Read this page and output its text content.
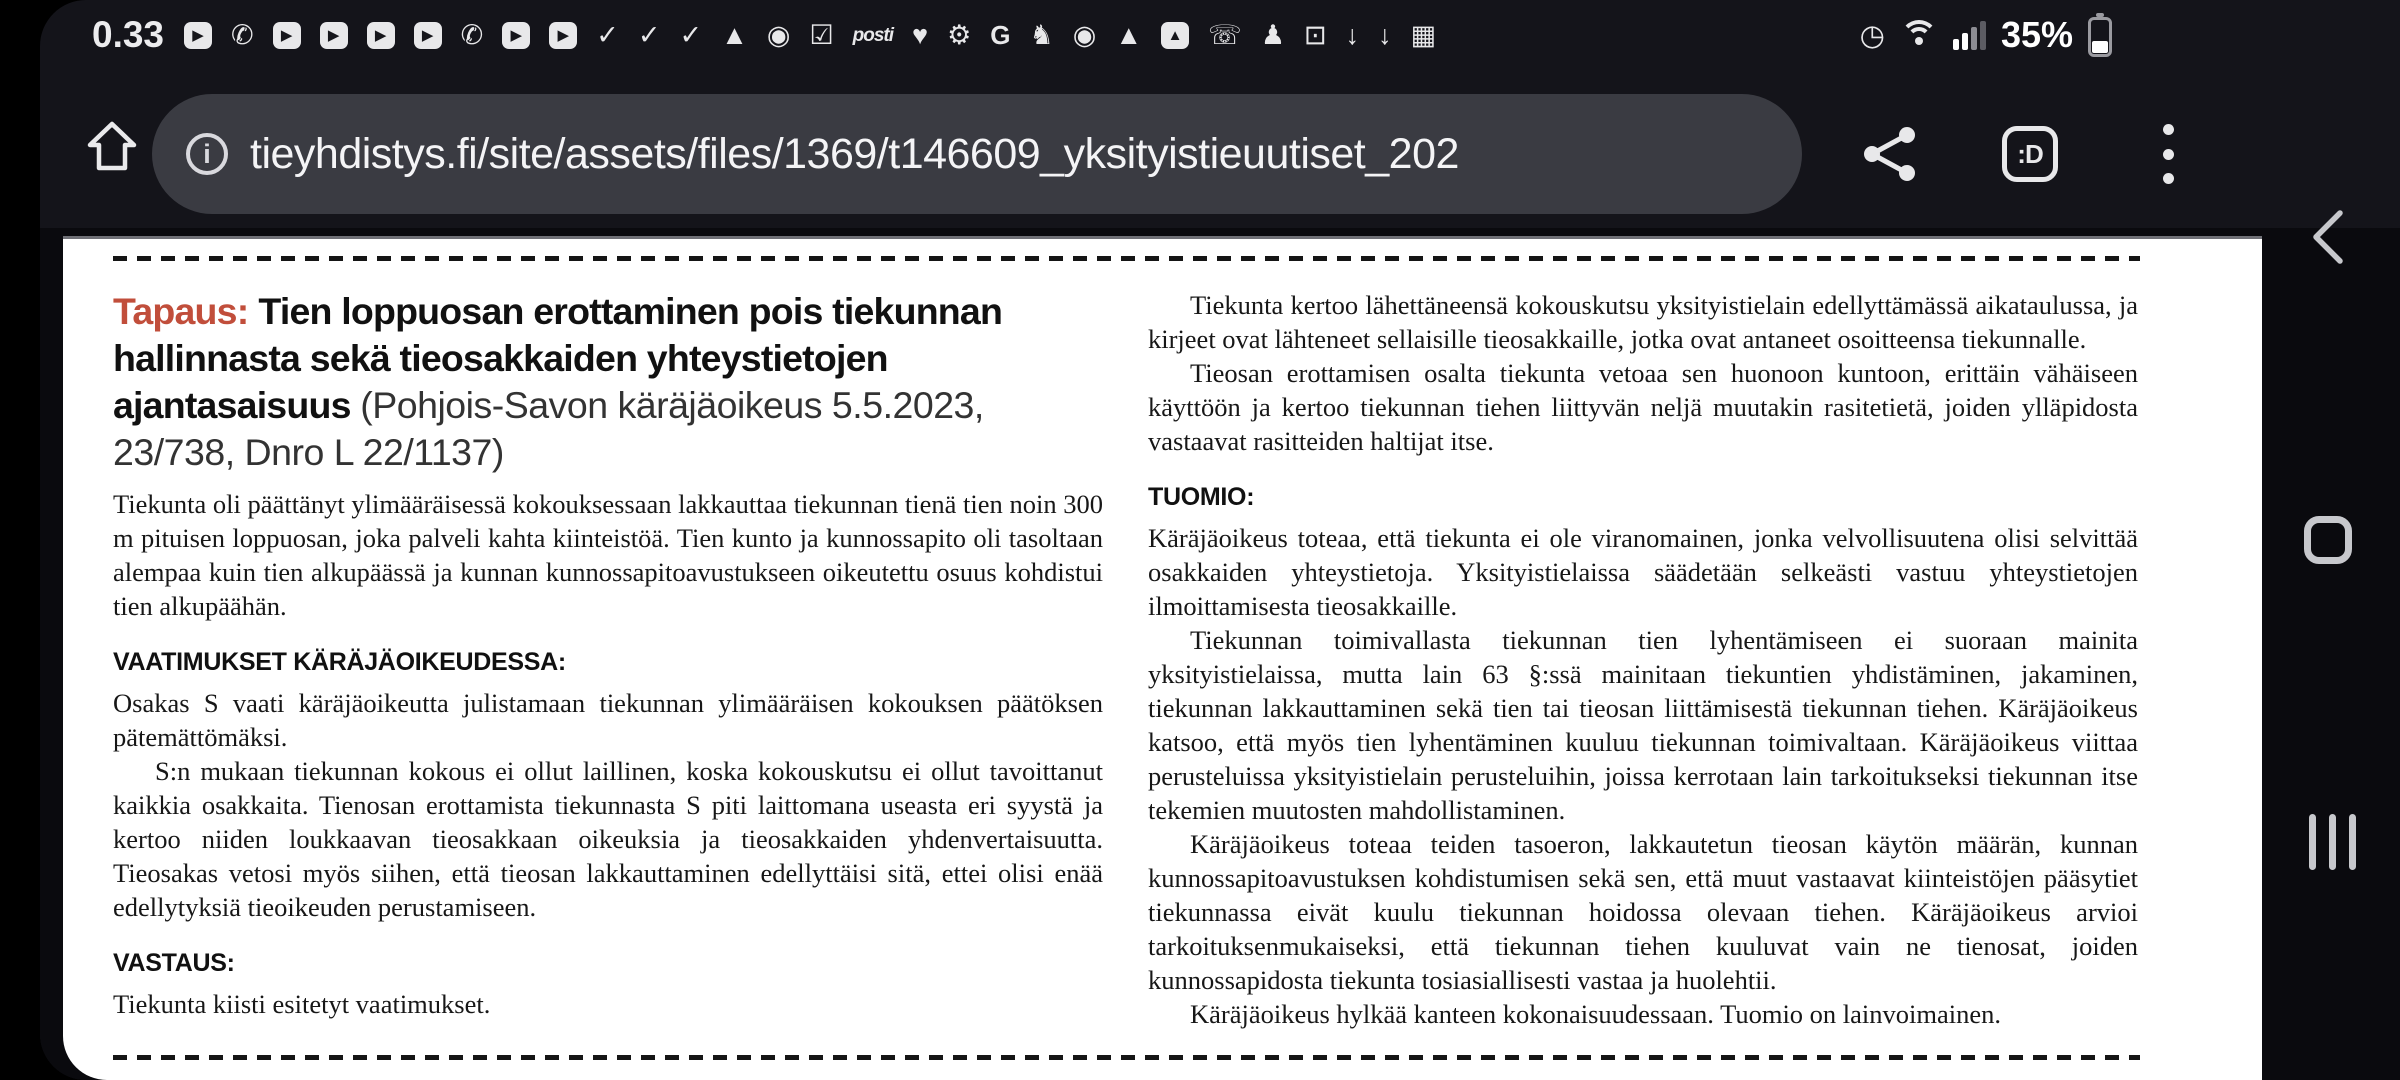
0.33	▶	✆	▶	▶	▶	▶	✆	▶	▶	✓ ✓ ✓ ▲ ◉ ☑ posti ♥ ⚙ G ♞ ◉ ▲	▲ ☏ ♟ ⊡ ↓ ↓ ▦	◷	35%
i tieyhdistys.fi/site/assets/files/1369/t146609_yksityistieuutiset_202	:D
Tapaus: Tien loppuosan erottaminen pois tiekunnan hallinnasta sekä tieosakkaiden yhteystietojen ajantasaisuus (Pohjois-Savon käräjäoikeus 5.5.2023, 23/738, Dnro L 22/1137)

Tiekunta oli päättänyt ylimääräisessä kokouksessaan lakkauttaa tiekunnan tienä tien noin 300 m pituisen loppuosan, joka palveli kahta kiinteistöä. Tien kunto ja kunnossapito oli tasoltaan alempaa kuin tien alkupäässä ja kunnan kunnossapitoavustukseen oikeutettu osuus kohdistui tien alkupäähän.

VAATIMUKSET KÄRÄJÄOIKEUDESSA:

Osakas S vaati käräjäoikeutta julistamaan tiekunnan ylimääräisen kokouksen päätöksen pätemättömäksi.

S:n mukaan tiekunnan kokous ei ollut laillinen, koska kokouskutsu ei ollut tavoittanut kaikkia osakkaita. Tienosan erottamista tiekunnasta S piti laittomana useasta eri syystä ja kertoo niiden loukkaavan tieosakkaan oikeuksia ja tieosakkaiden yhdenvertaisuutta. Tieosakas vetosi myös siihen, että tieosan lakkauttaminen edellyttäisi sitä, ettei olisi enää edellytyksiä tieoikeuden perustamiseen.

VASTAUS:

Tiekunta kiisti esitetyt vaatimukset.

Tiekunta kertoo lähettäneensä kokouskutsu yksityistielain edellyttämässä aikataulussa, ja kirjeet ovat lähteneet sellaisille tieosakkaille, jotka ovat antaneet osoitteensa tiekunnalle.

Tieosan erottamisen osalta tiekunta vetoaa sen huonoon kuntoon, erittäin vähäiseen käyttöön ja kertoo tiekunnan tiehen liittyvän neljä muutakin rasitetietä, joiden ylläpidosta vastaavat rasitteiden haltijat itse.

TUOMIO:

Käräjäoikeus toteaa, että tiekunta ei ole viranomainen, jonka velvollisuutena olisi selvittää osakkaiden yhteystietoja. Yksityistielaissa säädetään selkeästi vastuu yhteystietojen ilmoittamisesta tieosakkaille.

Tiekunnan toimivallasta tiekunnan tien lyhentämiseen ei suoraan mainita yksityistielaissa, mutta lain 63 §:ssä mainitaan tiekuntien yhdistäminen, jakaminen, tiekunnan lakkauttaminen sekä tien tai tieosan liittämisestä tiekunnan tiehen. Käräjäoikeus katsoo, että myös tien lyhentäminen kuuluu tiekunnan toimivaltaan. Käräjäoikeus viittaa perusteluissa yksityistielain perusteluihin, joissa kerrotaan lain tarkoitukseksi tiekunnan itse tekemien muutosten mahdollistaminen.

Käräjäoikeus toteaa teiden tasoeron, lakkautetun tieosan käytön määrän, kunnan kunnossapitoavustuksen kohdistumisen sekä sen, että muut vastaavat kiinteistöjen pääsytiet tiekunnassa eivät kuulu tiekunnan hoidossa olevaan tiehen. Käräjäoikeus arvioi tarkoituksenmukaiseksi, että tiekunnan tiehen kuuluvat vain ne tienosat, joiden kunnossapidosta tiekunta tosiasiallisesti vastaa ja huolehtii.

Käräjäoikeus hylkää kanteen kokonaisuudessaan. Tuomio on lainvoimainen.
